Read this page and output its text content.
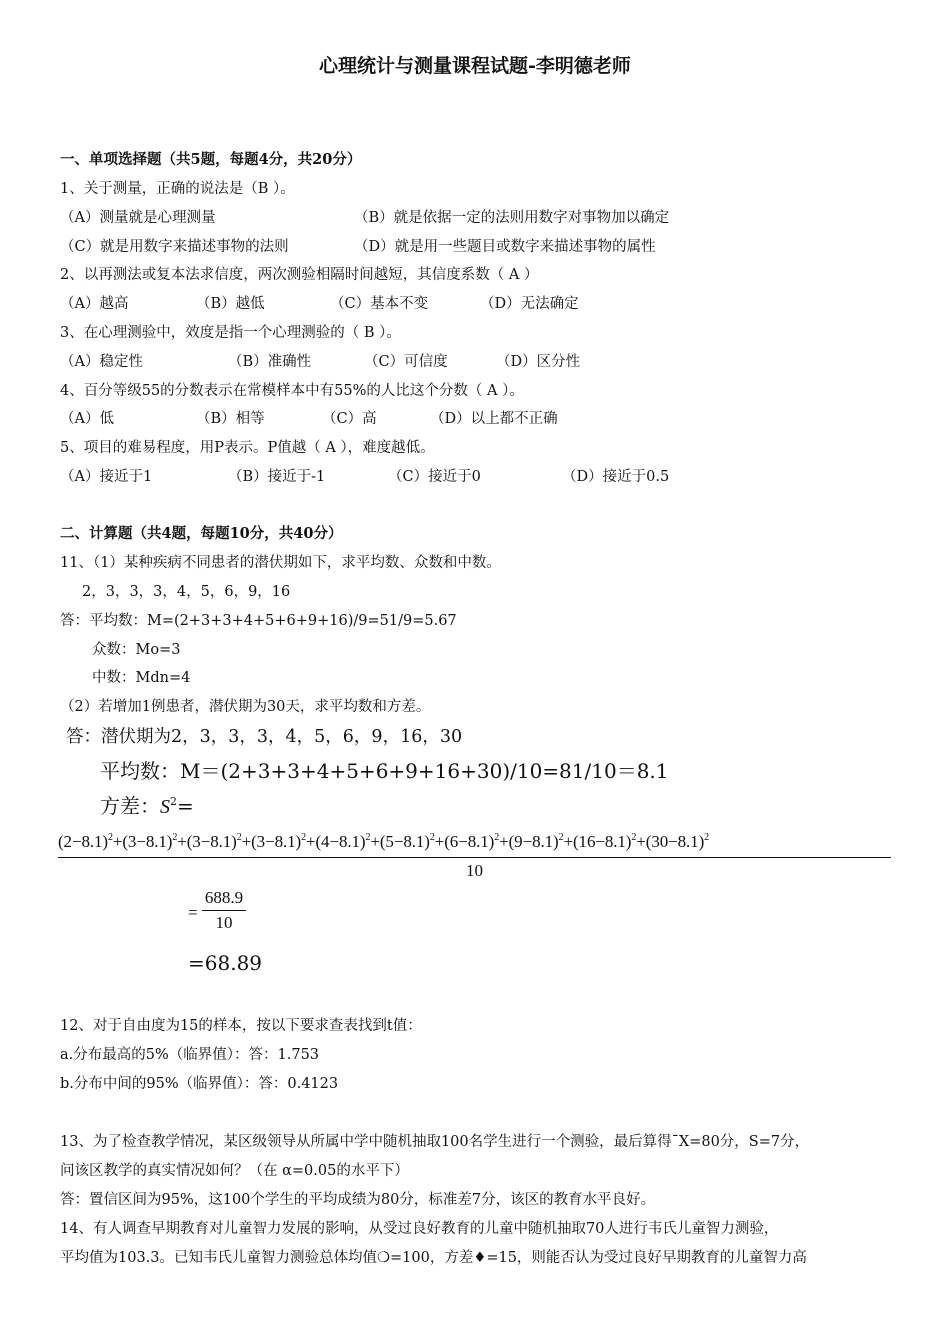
心理统计与测量课程试题-李明德老师
一、单项选择题（共5题，每题4分，共20分）
1、关于测量，正确的说法是（B ）。
（A）测量就是心理测量	（B）就是依据一定的法则用数字对事物加以确定
（C）就是用数字来描述事物的法则	（D）就是用一些题目或数字来描述事物的属性
2、以再测法或复本法求信度，两次测验相隔时间越短，其信度系数（ A ）
（A）越高	（B）越低	（C）基本不变	（D）无法确定
3、在心理测验中，效度是指一个心理测验的（ B ）。
（A）稳定性	（B）准确性	（C）可信度	（D）区分性
4、百分等级55的分数表示在常模样本中有55%的人比这个分数（ A ）。
（A）低	（B）相等	（C）高	（D）以上都不正确
5、项目的难易程度，用P表示。P值越（ A ），难度越低。
（A）接近于1	（B）接近于-1	（C）接近于0	（D）接近于0.5
二、计算题（共4题，每题10分，共40分）
11、（1）某种疾病不同患者的潜伏期如下，求平均数、众数和中数。
2，3，3，3，4，5，6，9，16
答：平均数：M=(2+3+3+4+5+6+9+16)/9=51/9=5.67
众数：Mo=3
中数：Mdn=4
（2）若增加1例患者，潜伏期为30天，求平均数和方差。
答：潜伏期为2，3，3，3，4，5，6，9，16，30
平均数：M＝(2+3+3+4+5+6+9+16+30)/10=81/10＝8.1
方差：$S^2=$
$(2-8.1)^2+(3-8.1)^2+(3-8.1)^2+(3-8.1)^2+(4-8.1)^2+(5-8.1)^2+(6-8.1)^2+(9-8.1)^2+(16-8.1)^2+(30-8.1)^2$
10
=
688.9
10
=68.89
12、对于自由度为15的样本，按以下要求查表找到t值：
a.分布最高的5%（临界值）：答：1.753
b.分布中间的95%（临界值）：答：0.4123
13、为了检查教学情况，某区级领导从所属中学中随机抽取100名学生进行一个测验，最后算得ˉX=80分，S=7分，
问该区教学的真实情况如何？（在 α=0.05的水平下）
答：置信区间为95%，这100个学生的平均成绩为80分，标准差7分，该区的教育水平良好。
14、有人调查早期教育对儿童智力发展的影响，从受过良好教育的儿童中随机抽取70人进行韦氏儿童智力测验，
平均值为103.3。已知韦氏儿童智力测验总体均值❍=100，方差♦=15，则能否认为受过良好早期教育的儿童智力高
